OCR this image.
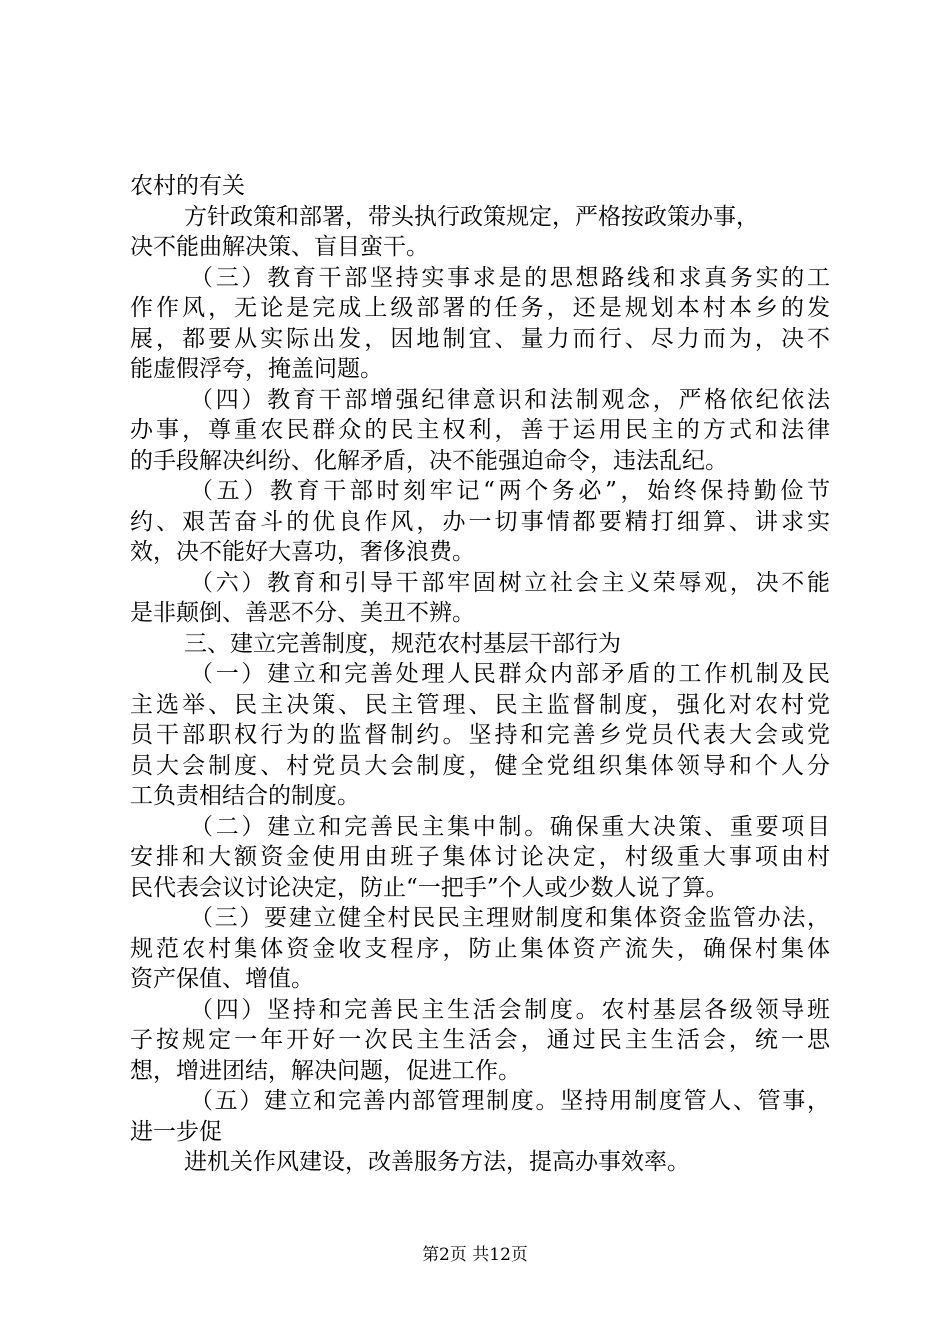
农村的有关

方针政策和部署，带头执行政策规定，严格按政策办事，

决不能曲解决策、盲目蛮干。

（三）教育干部坚持实事求是的思想路线和求真务实的工

作作风，无论是完成上级部署的任务，还是规划本村本乡的发

展，都要从实际出发，因地制宜、量力而行、尽力而为，决不

能虚假浮夸，掩盖问题。

（四）教育干部增强纪律意识和法制观念，严格依纪依法

办事，尊重农民群众的民主权利，善于运用民主的方式和法律

的手段解决纠纷、化解矛盾，决不能强迫命令，违法乱纪。

（五）教育干部时刻牢记“两个务必”，始终保持勤俭节

约、艰苦奋斗的优良作风，办一切事情都要精打细算、讲求实

效，决不能好大喜功，奢侈浪费。

（六）教育和引导干部牢固树立社会主义荣辱观，决不能

是非颠倒、善恶不分、美丑不辨。

三、建立完善制度，规范农村基层干部行为

（一）建立和完善处理人民群众内部矛盾的工作机制及民

主选举、民主决策、民主管理、民主监督制度，强化对农村党

员干部职权行为的监督制约。坚持和完善乡党员代表大会或党

员大会制度、村党员大会制度，健全党组织集体领导和个人分

工负责相结合的制度。

（二）建立和完善民主集中制。确保重大决策、重要项目

安排和大额资金使用由班子集体讨论决定，村级重大事项由村

民代表会议讨论决定，防止“一把手”个人或少数人说了算。

（三）要建立健全村民民主理财制度和集体资金监管办法，

规范农村集体资金收支程序，防止集体资产流失，确保村集体

资产保值、增值。

（四）坚持和完善民主生活会制度。农村基层各级领导班

子按规定一年开好一次民主生活会，通过民主生活会，统一思

想，增进团结，解决问题，促进工作。

（五）建立和完善内部管理制度。坚持用制度管人、管事，

进一步促

进机关作风建设，改善服务方法，提高办事效率。

第2页 共12页
